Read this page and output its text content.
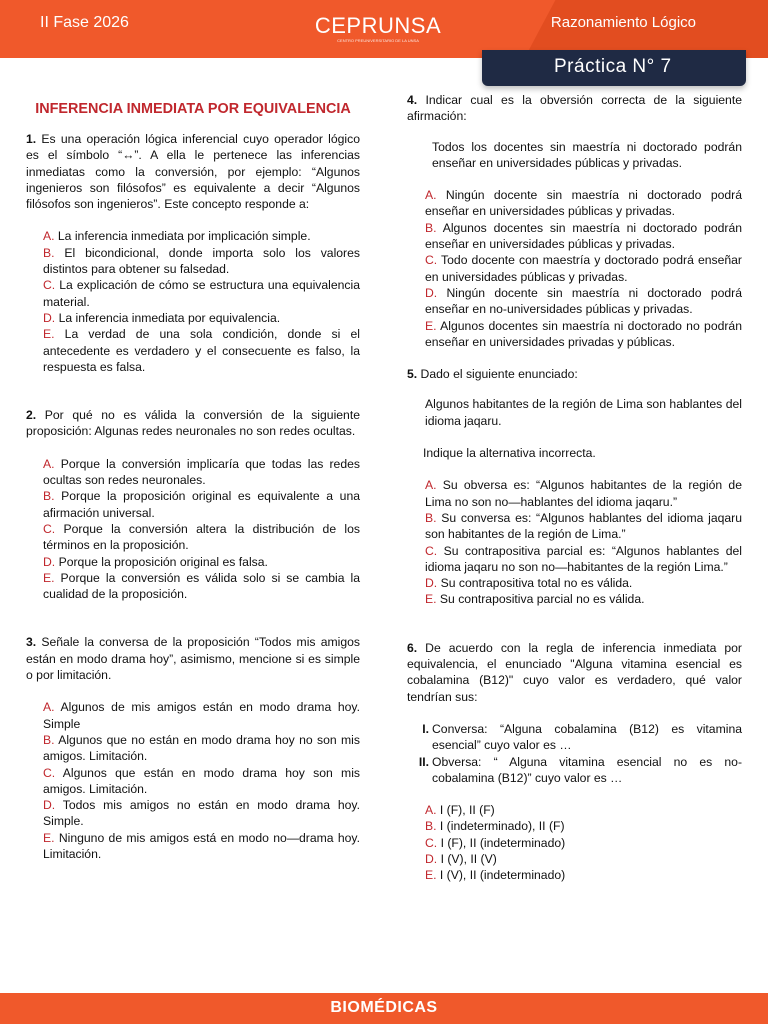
II Fase 2026	CEPRUNSA
CENTRO PREUNIVERSITARIO DE LA UNSA
Razonamiento Lógico
Práctica N° 7
INFERENCIA INMEDIATA POR EQUIVALENCIA

1. Es una operación lógica inferencial cuyo operador lógico es el símbolo “↔”. A ella le pertenece las inferencias inmediatas como la conversión, por ejemplo: “Algunos ingenieros son filósofos” es equivalente a decir “Algunos filósofos son ingenieros”. Este concepto responde a:

A. La inferencia inmediata por implicación simple.

B. El bicondicional, donde importa solo los valores distintos para obtener su falsedad.

C. La explicación de cómo se estructura una equivalencia material.

D. La inferencia inmediata por equivalencia.

E. La verdad de una sola condición, donde si el antecedente es verdadero y el consecuente es falso, la respuesta es falsa.

2. Por qué no es válida la conversión de la siguiente proposición: Algunas redes neuronales no son redes ocultas.

A. Porque la conversión implicaría que todas las redes ocultas son redes neuronales.

B. Porque la proposición original es equivalente a una afirmación universal.

C. Porque la conversión altera la distribución de los términos en la proposición.

D. Porque la proposición original es falsa.

E. Porque la conversión es válida solo si se cambia la cualidad de la proposición.

3. Señale la conversa de la proposición “Todos mis amigos están en modo drama hoy”, asimismo, mencione si es simple o por limitación.

A. Algunos de mis amigos están en modo drama hoy. Simple

B. Algunos que no están en modo drama hoy no son mis amigos. Limitación.

C. Algunos que están en modo drama hoy son mis amigos. Limitación.

D. Todos mis amigos no están en modo drama hoy. Simple.

E. Ninguno de mis amigos está en modo no—drama hoy. Limitación.

4. Indicar cual es la obversión correcta de la siguiente afirmación:

Todos los docentes sin maestría ni doctorado podrán enseñar en universidades públicas y privadas.

A. Ningún docente sin maestría ni doctorado podrá enseñar en universidades públicas y privadas.

B. Algunos docentes sin maestría ni doctorado podrán enseñar en universidades públicas y privadas.

C. Todo docente con maestría y doctorado podrá enseñar en universidades públicas y privadas.

D. Ningún docente sin maestría ni doctorado podrá enseñar en no-universidades públicas y privadas.

E. Algunos docentes sin maestría ni doctorado no podrán enseñar en universidades privadas y públicas.

5. Dado el siguiente enunciado:

Algunos habitantes de la región de Lima son hablantes del idioma jaqaru.

Indique la alternativa incorrecta.

A. Su obversa es: “Algunos habitantes de la región de Lima no son no—hablantes del idioma jaqaru.”

B. Su conversa es: “Algunos hablantes del idioma jaqaru son habitantes de la región de Lima.”

C. Su contrapositiva parcial es: “Algunos hablantes del idioma jaqaru no son no—habitantes de la región Lima.”

D. Su contrapositiva total no es válida.

E. Su contrapositiva parcial no es válida.

6. De acuerdo con la regla de inferencia inmediata por equivalencia, el enunciado "Alguna vitamina esencial es cobalamina (B12)" cuyo valor es verdadero, qué valor tendrían sus:

I. Conversa: “Alguna cobalamina (B12) es vitamina esencial” cuyo valor es …
II. Obversa: “ Alguna vitamina esencial no es no-cobalamina (B12)” cuyo valor es …

A. I (F), II (F)

B. I (indeterminado), II (F)

C. I (F), II (indeterminado)

D. I (V), II (V)

E. I (V), II (indeterminado)

BIOMÉDICAS
